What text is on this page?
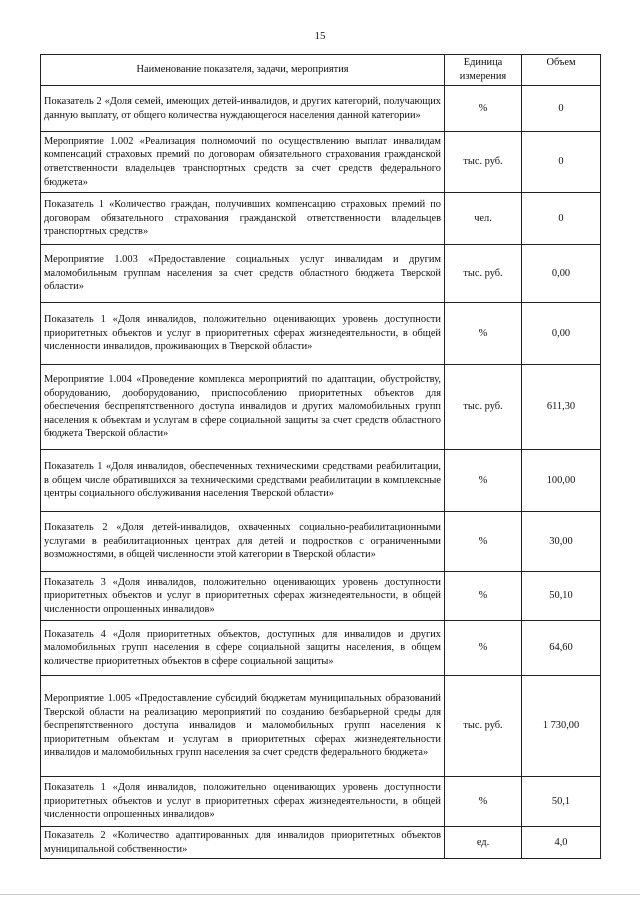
15
Наименование показателя, задачи, мероприятия	Единица измерения	Объем
Показатель 2 «Доля семей, имеющих детей-инвалидов, и других категорий, получающих данную выплату, от общего количества нуждающегося населения данной категории»	%	0
Мероприятие 1.002 «Реализация полномочий по осуществлению выплат инвалидам компенсаций страховых премий по договорам обязательного страхования гражданской ответственности владельцев транспортных средств за счет средств федерального бюджета»	тыс. руб.	0
Показатель 1 «Количество граждан, получивших компенсацию страховых премий по договорам обязательного страхования гражданской ответственности владельцев транспортных средств»	чел.	0
Мероприятие 1.003 «Предоставление социальных услуг инвалидам и другим маломобильным группам населения за счет средств областного бюджета Тверской области»	тыс. руб.	0,00
Показатель 1 «Доля инвалидов, положительно оценивающих уровень доступности приоритетных объектов и услуг в приоритетных сферах жизнедеятельности, в общей численности инвалидов, проживающих в Тверской области»	%	0,00
Мероприятие 1.004 «Проведение комплекса мероприятий по адаптации, обустройству, оборудованию, дооборудованию, приспособлению приоритетных объектов для обеспечения беспрепятственного доступа инвалидов и других маломобильных групп населения к объектам и услугам в сфере социальной защиты за счет средств областного бюджета Тверской области»	тыс. руб.	611,30
Показатель 1 «Доля инвалидов, обеспеченных техническими средствами реабилитации, в общем числе обратившихся за техническими средствами реабилитации в комплексные центры социального обслуживания населения Тверской области»	%	100,00
Показатель 2 «Доля детей-инвалидов, охваченных социально-реабилитационными услугами в реабилитационных центрах для детей и подростков с ограниченными возможностями, в общей численности этой категории в Тверской области»	%	30,00
Показатель 3 «Доля инвалидов, положительно оценивающих уровень доступности приоритетных объектов и услуг в приоритетных сферах жизнедеятельности, в общей численности опрошенных инвалидов»	%	50,10
Показатель 4 «Доля приоритетных объектов, доступных для инвалидов и других маломобильных групп населения в сфере социальной защиты населения, в общем количестве приоритетных объектов в сфере социальной защиты»	%	64,60
Мероприятие 1.005 «Предоставление субсидий бюджетам муниципальных образований Тверской области на реализацию мероприятий по созданию безбарьерной среды для беспрепятственного доступа инвалидов и маломобильных групп населения к приоритетным объектам и услугам в приоритетных сферах жизнедеятельности инвалидов и маломобильных групп населения за счет средств федерального бюджета»	тыс. руб.	1 730,00
Показатель 1 «Доля инвалидов, положительно оценивающих уровень доступности приоритетных объектов и услуг в приоритетных сферах жизнедеятельности, в общей численности опрошенных инвалидов»	%	50,1
Показатель 2 «Количество адаптированных для инвалидов приоритетных объектов муниципальной собственности»	ед.	4,0
